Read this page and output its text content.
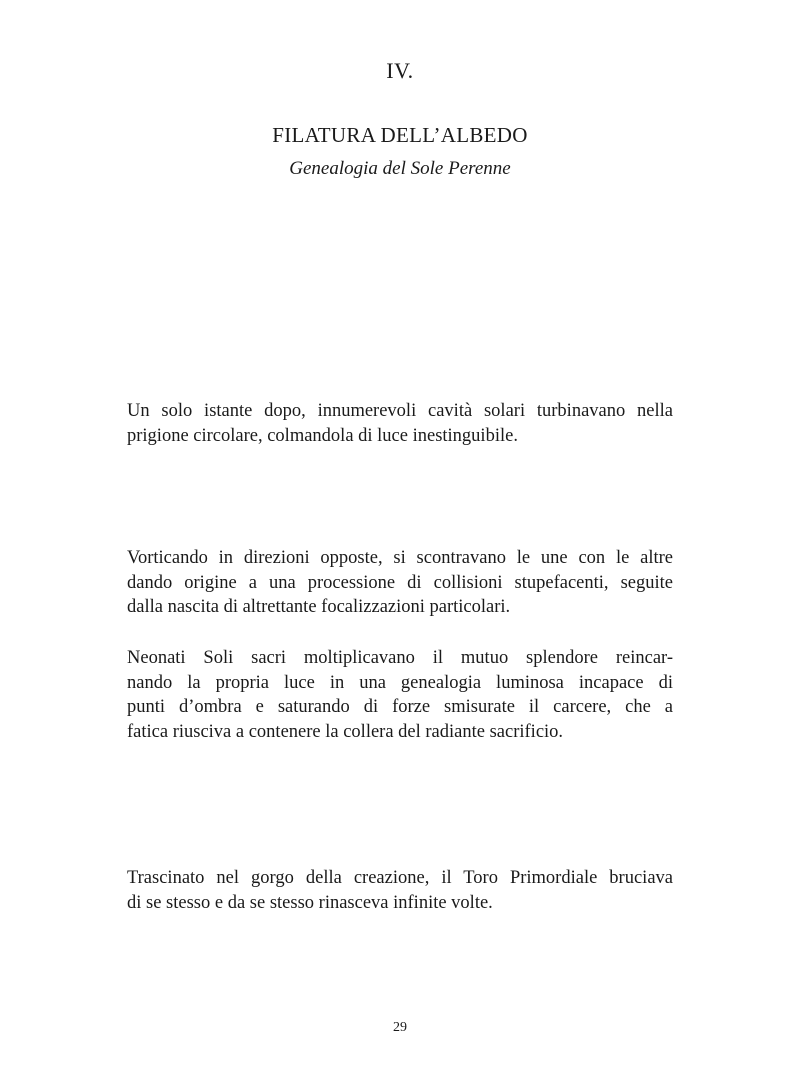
IV.
FILATURA DELL’ALBEDO
Genealogia del Sole Perenne

Un solo istante dopo, innumerevoli cavità solari turbinavano nella
prigione circolare, colmandola di luce inestinguibile.

Vorticando in direzioni opposte, si scontravano le une con le altre
dando origine a una processione di collisioni stupefacenti, seguite
dalla nascita di altrettante focalizzazioni particolari.

Neonati Soli sacri moltiplicavano il mutuo splendore reincar-
nando la propria luce in una genealogia luminosa incapace di
punti d’ombra e saturando di forze smisurate il carcere, che a
fatica riusciva a contenere la collera del radiante sacrificio.

Trascinato nel gorgo della creazione, il Toro Primordiale bruciava
di se stesso e da se stesso rinasceva infinite volte.

29
